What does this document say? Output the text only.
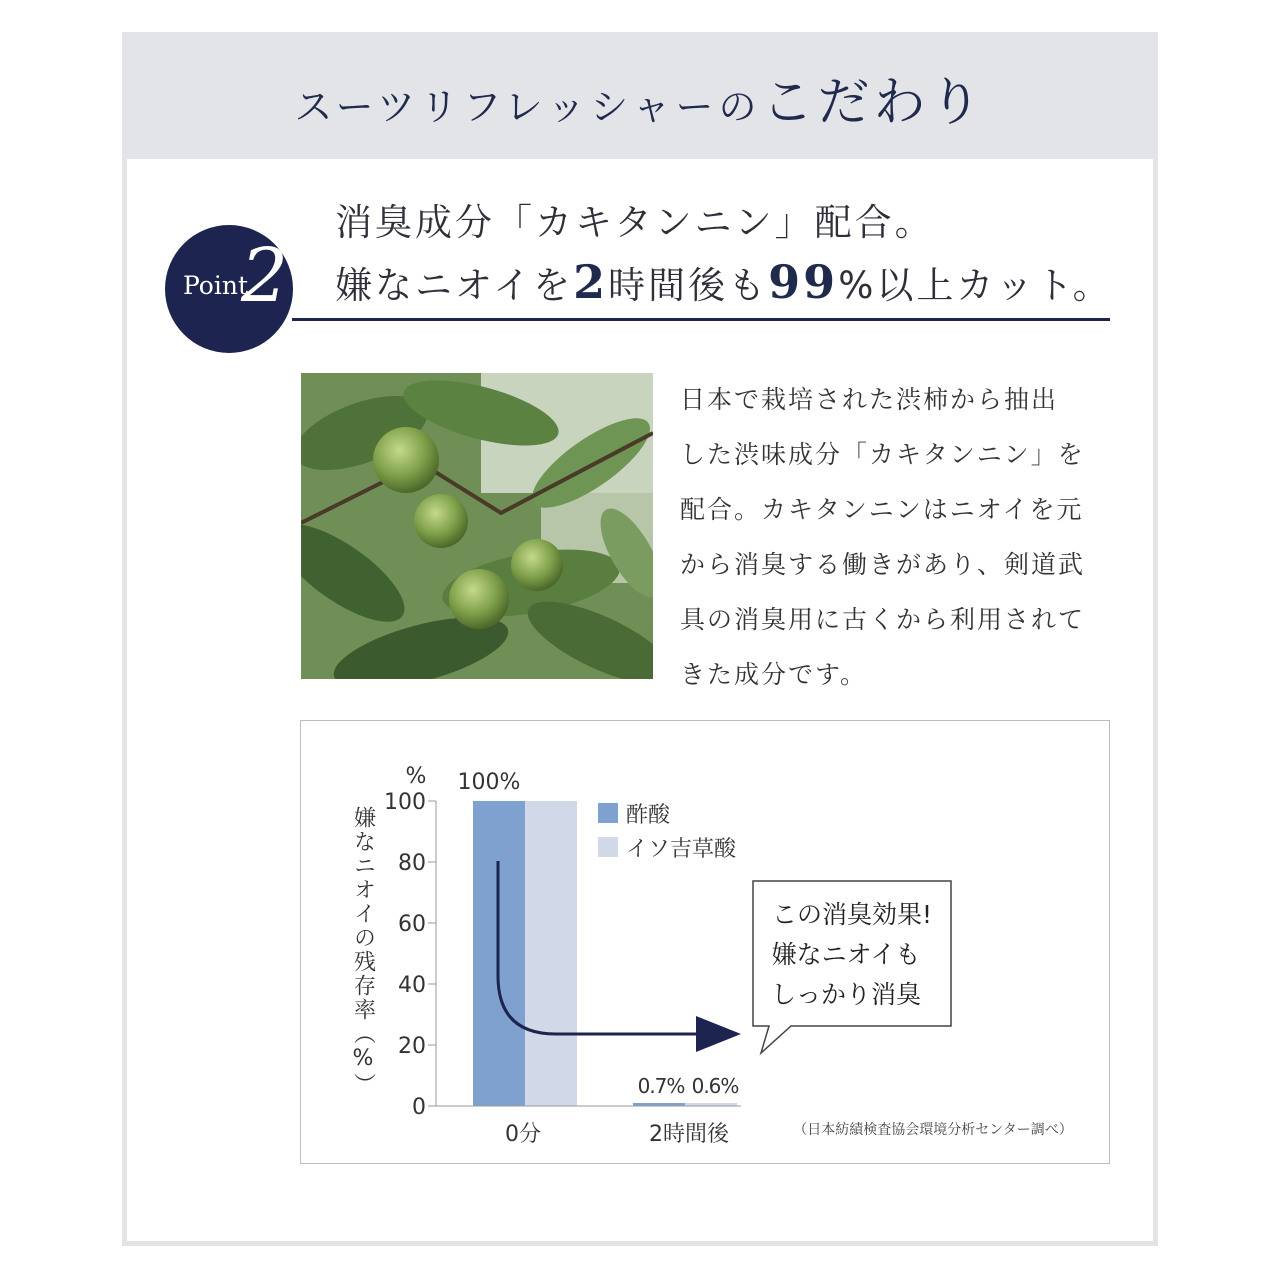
スーツリフレッシャーのこだわり
Point
2
消臭成分「カキタンニン」配合。
嫌なニオイを2時間後も99%以上カット。
日本で栽培された渋柿から抽出
した渋味成分「カキタンニン」を
配合。カキタンニンはニオイを元
から消臭する働きがあり、剣道武
具の消臭用に古くから利用されて
きた成分です。
0
20
40
60
80
100
%
嫌なニオイの残存率（%）
0分	2時間後
100%
0.7% 0.6%
酢酸
イソ吉草酸
この消臭効果!
嫌なニオイも
しっかり消臭
（日本紡績検査協会環境分析センター調べ）
